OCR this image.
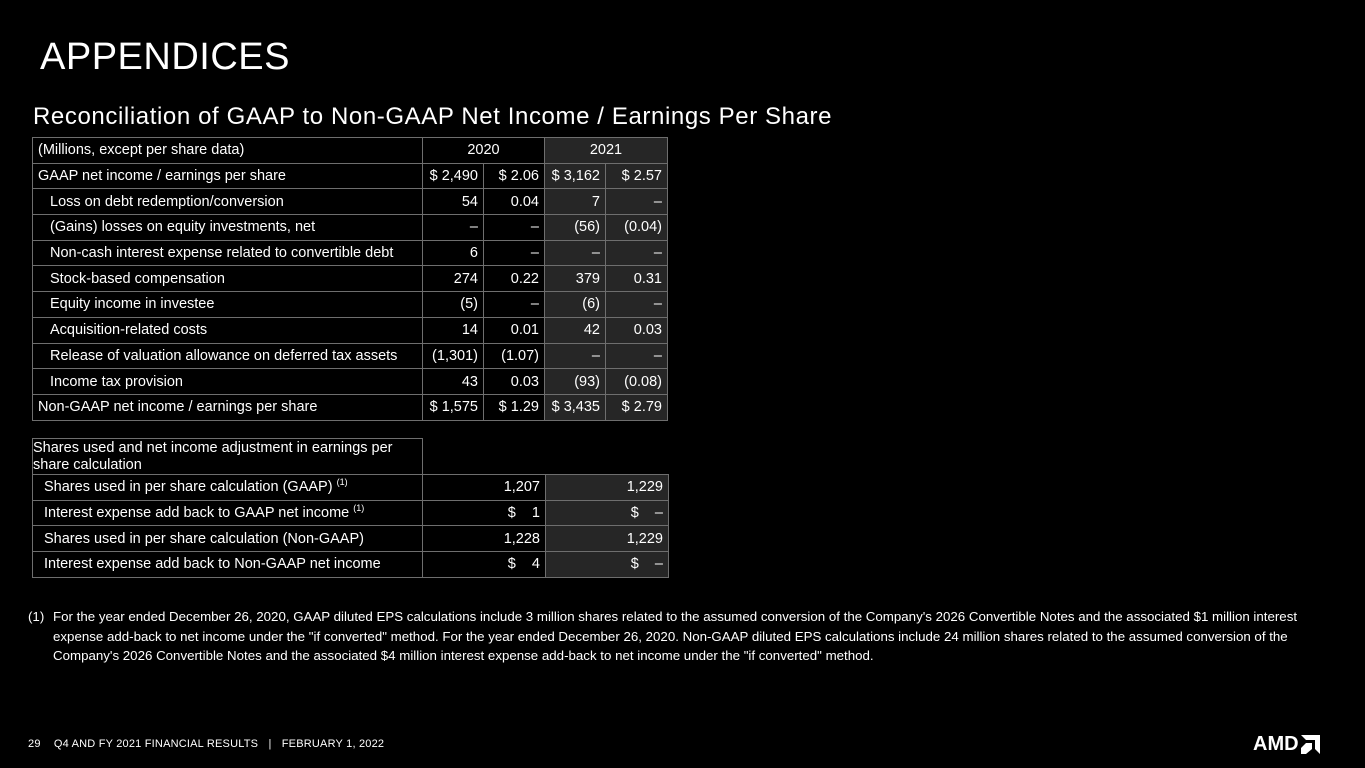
APPENDICES
Reconciliation of GAAP to Non-GAAP Net Income / Earnings Per Share
(Millions, except per share data)	2020		2021	
GAAP net income / earnings per share	$ 2,490	$ 2.06	$ 3,162	$ 2.57
Loss on debt redemption/conversion	54	0.04	7	–
(Gains) losses on equity investments, net	–	–	(56)	(0.04)
Non-cash interest expense related to convertible debt	6	–	–	–
Stock-based compensation	274	0.22	379	0.31
Equity income in investee	(5)	–	(6)	–
Acquisition-related costs	14	0.01	42	0.03
Release of valuation allowance on deferred tax assets	(1,301)	(1.07)	–	–
Income tax provision	43	0.03	(93)	(0.08)
Non-GAAP net income / earnings per share	$ 1,575	$ 1.29	$ 3,435	$ 2.79
Shares used and net income adjustment in earnings per share calculation		
Shares used in per share calculation (GAAP) $^{(1)}$	1,207	1,229
Interest expense add back to GAAP net income $^{(1)}$	$    1	$    –
Shares used in per share calculation (Non-GAAP)	1,228	1,229
Interest expense add back to Non-GAAP net income	$    4	$    –
(1) For the year ended December 26, 2020, GAAP diluted EPS calculations include 3 million shares related to the assumed conversion of the Company's 2026 Convertible Notes and the associated $1 million interest expense add-back to net income under the "if converted" method. For the year ended December 26, 2020. Non-GAAP diluted EPS calculations include 24 million shares related to the assumed conversion of the Company's 2026 Convertible Notes and the associated $4 million interest expense add-back to net income under the "if converted" method.
29 Q4 AND FY 2021 FINANCIAL RESULTS | FEBRUARY 1, 2022	AMD
